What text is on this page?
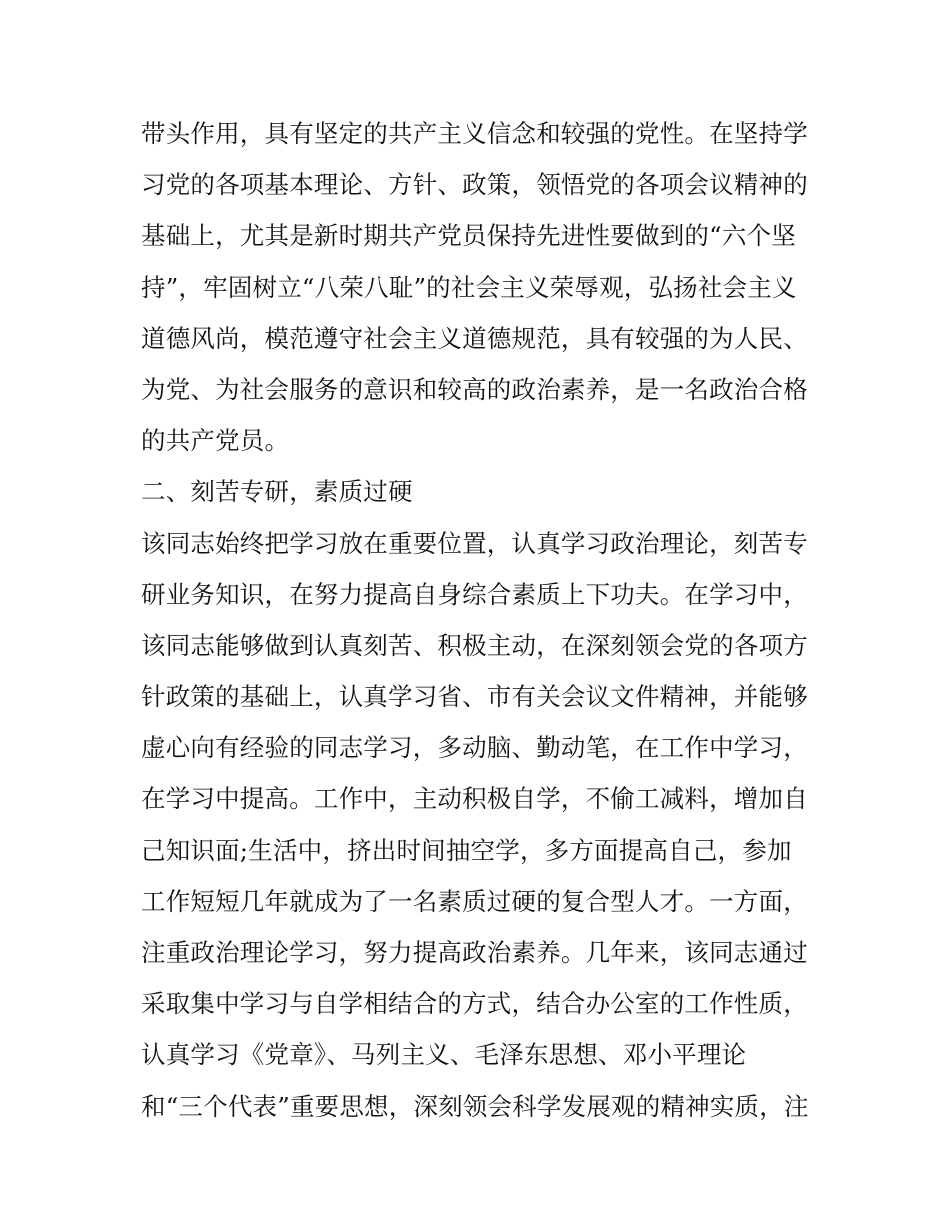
带头作用，具有坚定的共产主义信念和较强的党性。在坚持学
习党的各项基本理论、方针、政策，领悟党的各项会议精神的
基础上，尤其是新时期共产党员保持先进性要做到的“六个坚
持”，牢固树立“八荣八耻”的社会主义荣辱观，弘扬社会主义
道德风尚，模范遵守社会主义道德规范，具有较强的为人民、
为党、为社会服务的意识和较高的政治素养，是一名政治合格
的共产党员。
二、刻苦专研，素质过硬
该同志始终把学习放在重要位置，认真学习政治理论，刻苦专
研业务知识，在努力提高自身综合素质上下功夫。在学习中，
该同志能够做到认真刻苦、积极主动，在深刻领会党的各项方
针政策的基础上，认真学习省、市有关会议文件精神，并能够
虚心向有经验的同志学习，多动脑、勤动笔，在工作中学习，
在学习中提高。工作中，主动积极自学，不偷工减料，增加自
己知识面;生活中，挤出时间抽空学，多方面提高自己，参加
工作短短几年就成为了一名素质过硬的复合型人才。一方面，
注重政治理论学习，努力提高政治素养。几年来，该同志通过
采取集中学习与自学相结合的方式，结合办公室的工作性质，
认真学习《党章》、马列主义、毛泽东思想、邓小平理论
和“三个代表”重要思想，深刻领会科学发展观的精神实质，注
